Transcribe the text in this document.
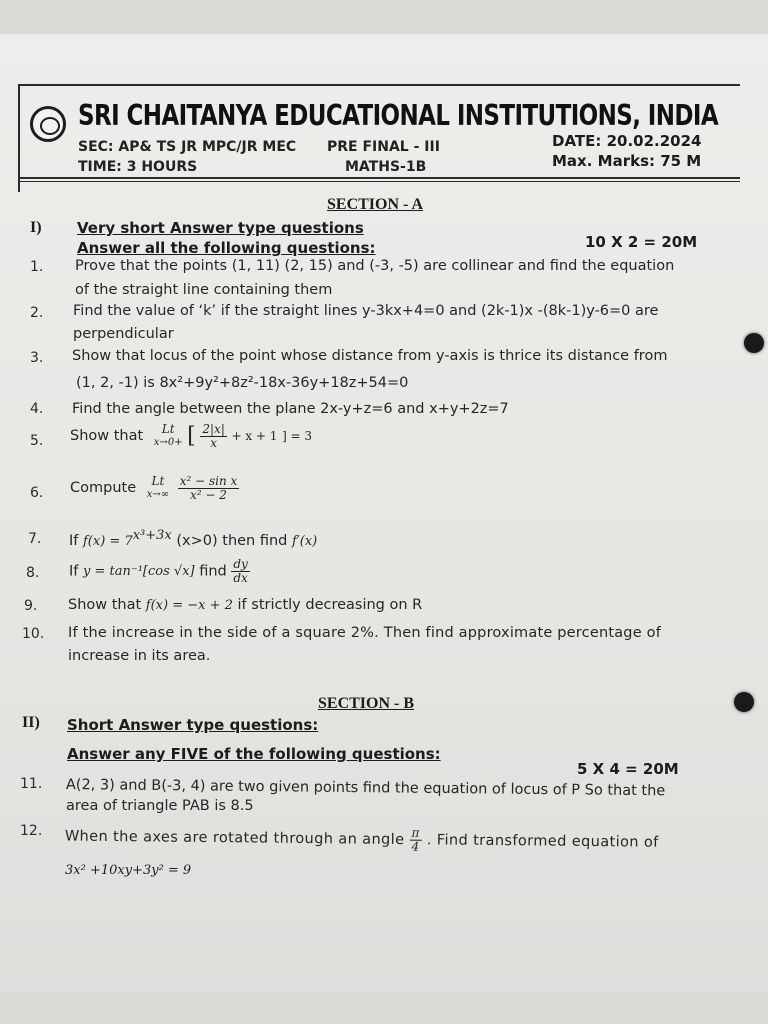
SRI CHAITANYA EDUCATIONAL INSTITUTIONS, INDIA
SEC: AP& TS JR MPC/JR MEC PRE FINAL - III	DATE: 20.02.2024
TIME: 3 HOURS	MATHS-1B	Max. Marks: 75 M
SECTION - A
I) Very short Answer type questions
Answer all the following questions:	10 X 2 = 20M
1. Prove that the points (1, 11) (2, 15) and (-3, -5) are collinear and find the equation
of the straight line containing them
2. Find the value of ‘k’ if the straight lines y-3kx+4=0 and (2k-1)x -(8k-1)y-6=0 are
perpendicular
3. Show that locus of the point whose distance from y-axis is thrice its distance from
(1, 2, -1) is 8x²+9y²+8z²-18x-36y+18z+54=0
4. Find the angle between the plane 2x-y+z=6 and x+y+2z=7
5. Show that Lt
x→0+ [ $\frac{2|x|}{x} + x + 1$ ] = 3
6. Compute Lt
x→∞
$\frac{\text{x² − sin x}}{\text{x² − 2}}$
7. If $f(x) = 7^{x^3+3x}$ (x>0) then find f′(x)
8. If y = tan⁻¹[cos √x] find $\frac{dy}{dx}$
9. Show that f(x) = −x + 2 if strictly decreasing on R
10. If the increase in the side of a square 2%. Then find approximate percentage of
increase in its area.
SECTION - B
II) Short Answer type questions:
Answer any FIVE of the following questions:
5 X 4 = 20M
11. A(2, 3) and B(-3, 4) are two given points find the equation of locus of P So that the
area of triangle PAB is 8.5
12. When the axes are rotated through an angle $\frac{\pi}{4}$ . Find transformed equation of
3x² +10xy+3y² = 9
